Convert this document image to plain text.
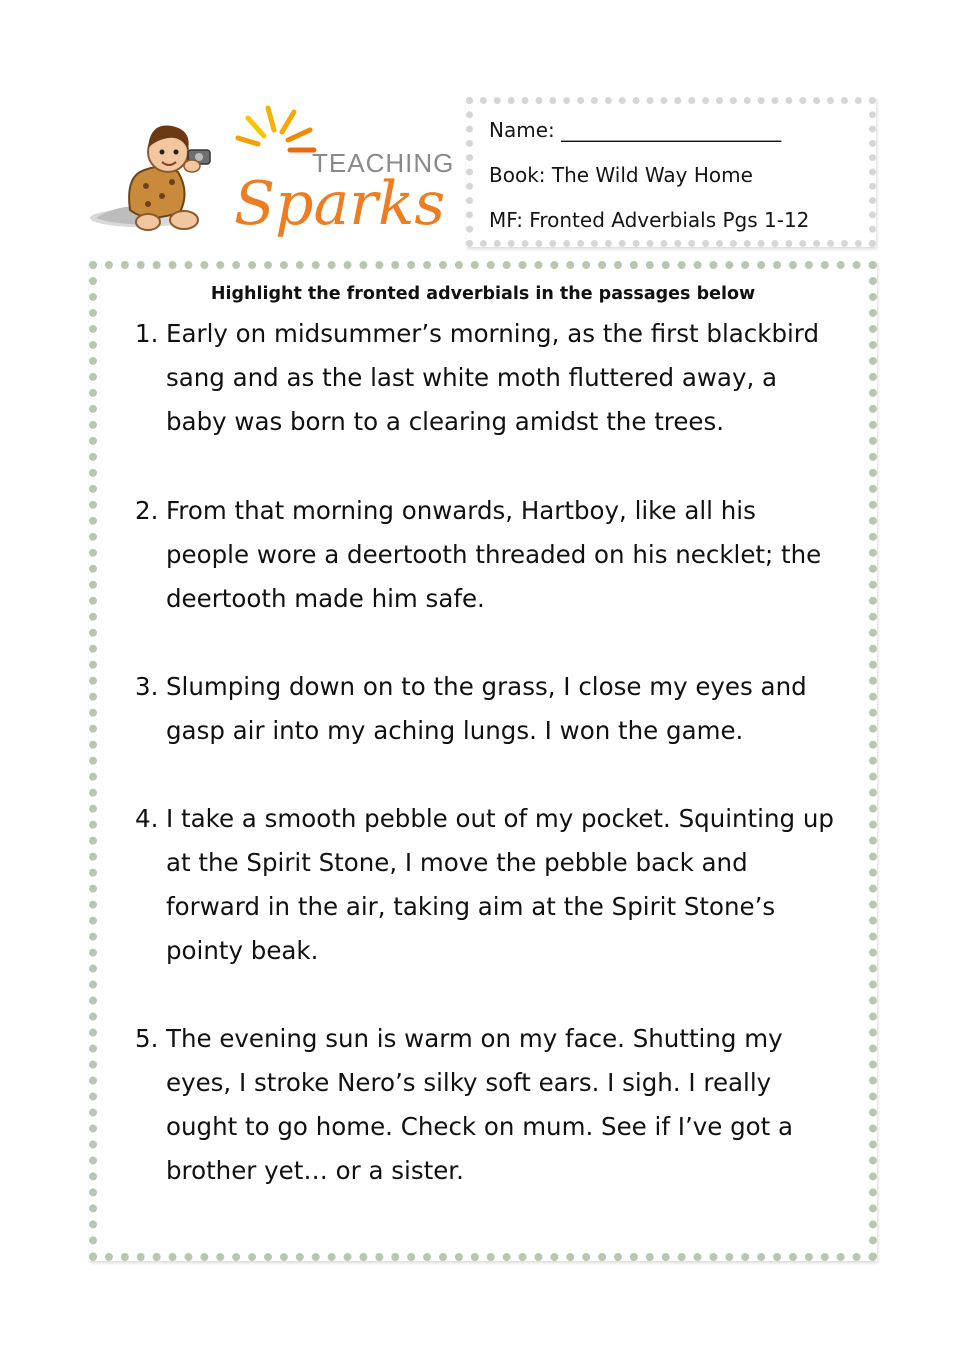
TEACHING
Sparks
Name: ______________________
Book: The Wild Way Home
MF: Fronted Adverbials Pgs 1-12
Highlight the fronted adverbials in the passages below
1. Early on midsummer’s morning, as the first blackbird
sang and as the last white moth fluttered away, a
baby was born to a clearing amidst the trees.
2. From that morning onwards, Hartboy, like all his
people wore a deertooth threaded on his necklet; the
deertooth made him safe.
3. Slumping down on to the grass, I close my eyes and
gasp air into my aching lungs. I won the game.
4. I take a smooth pebble out of my pocket. Squinting up
at the Spirit Stone, I move the pebble back and
forward in the air, taking aim at the Spirit Stone’s
pointy beak.
5. The evening sun is warm on my face. Shutting my
eyes, I stroke Nero’s silky soft ears. I sigh. I really
ought to go home. Check on mum. See if I’ve got a
brother yet… or a sister.
